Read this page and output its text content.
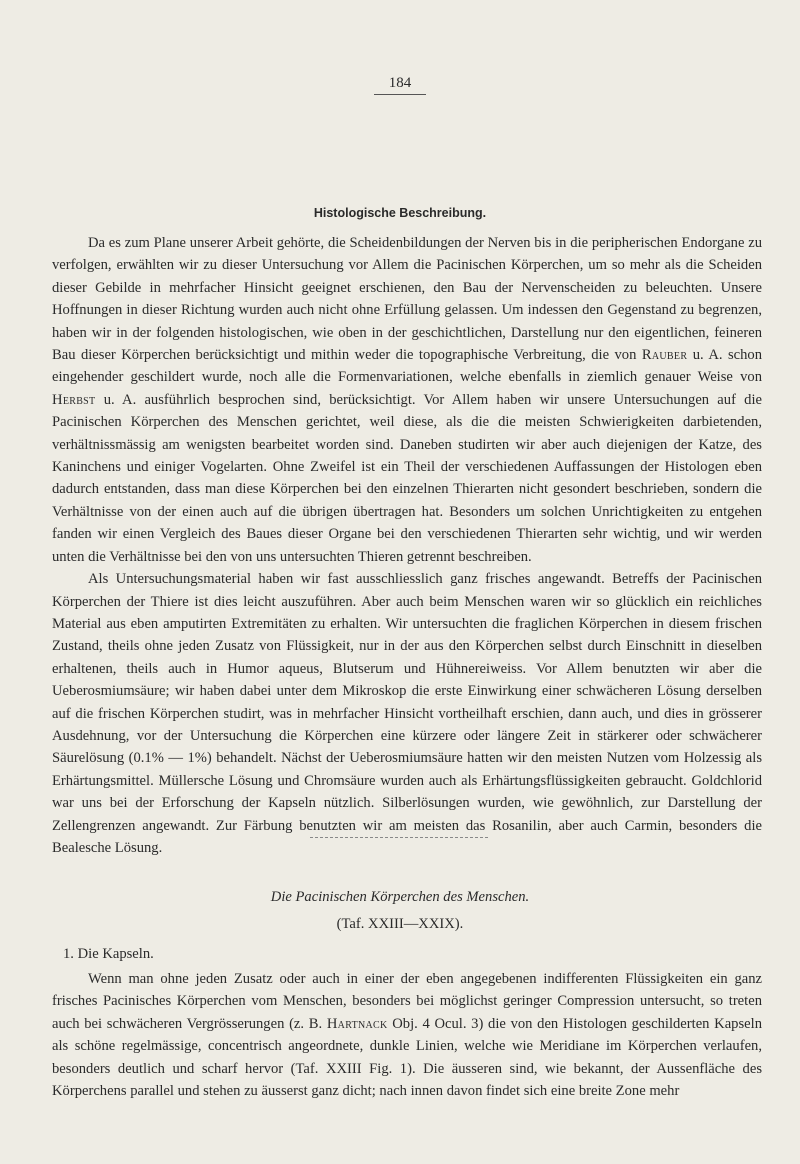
184
Histologische Beschreibung.

Da es zum Plane unserer Arbeit gehörte, die Scheidenbildungen der Nerven bis in die peripherischen Endorgane zu verfolgen, erwählten wir zu dieser Untersuchung vor Allem die Pacinischen Körperchen, um so mehr als die Scheiden dieser Gebilde in mehrfacher Hinsicht geeignet erschienen, den Bau der Nervenscheiden zu beleuchten. Unsere Hoffnungen in dieser Richtung wurden auch nicht ohne Erfüllung gelassen. Um indessen den Gegenstand zu begrenzen, haben wir in der folgenden histologischen, wie oben in der geschichtlichen, Darstellung nur den eigentlichen, feineren Bau dieser Körperchen berücksichtigt und mithin weder die topographische Verbreitung, die von Rauber u. A. schon eingehender geschildert wurde, noch alle die Formenvariationen, welche ebenfalls in ziemlich genauer Weise von Herbst u. A. ausführlich besprochen sind, berücksichtigt. Vor Allem haben wir unsere Untersuchungen auf die Pacinischen Körperchen des Menschen gerichtet, weil diese, als die die meisten Schwierigkeiten darbietenden, verhältnissmässig am wenigsten bearbeitet worden sind. Daneben studirten wir aber auch diejenigen der Katze, des Kaninchens und einiger Vogelarten. Ohne Zweifel ist ein Theil der verschiedenen Auffassungen der Histologen eben dadurch entstanden, dass man diese Körperchen bei den einzelnen Thierarten nicht gesondert beschrieben, sondern die Verhältnisse von der einen auch auf die übrigen übertragen hat. Besonders um solchen Unrichtigkeiten zu entgehen fanden wir einen Vergleich des Baues dieser Organe bei den verschiedenen Thierarten sehr wichtig, und wir werden unten die Verhältnisse bei den von uns untersuchten Thieren getrennt beschreiben.

Als Untersuchungsmaterial haben wir fast ausschliesslich ganz frisches angewandt. Betreffs der Pacinischen Körperchen der Thiere ist dies leicht auszuführen. Aber auch beim Menschen waren wir so glücklich ein reichliches Material aus eben amputirten Extremitäten zu erhalten. Wir untersuchten die fraglichen Körperchen in diesem frischen Zustand, theils ohne jeden Zusatz von Flüssigkeit, nur in der aus den Körperchen selbst durch Einschnitt in dieselben erhaltenen, theils auch in Humor aqueus, Blutserum und Hühnereiweiss. Vor Allem benutzten wir aber die Ueberosmiumsäure; wir haben dabei unter dem Mikroskop die erste Einwirkung einer schwächeren Lösung derselben auf die frischen Körperchen studirt, was in mehrfacher Hinsicht vortheilhaft erschien, dann auch, und dies in grösserer Ausdehnung, vor der Untersuchung die Körperchen eine kürzere oder längere Zeit in stärkerer oder schwächerer Säurelösung (0.1% — 1%) behandelt. Nächst der Ueberosmiumsäure hatten wir den meisten Nutzen vom Holzessig als Erhärtungsmittel. Müllersche Lösung und Chromsäure wurden auch als Erhärtungsflüssigkeiten gebraucht. Goldchlorid war uns bei der Erforschung der Kapseln nützlich. Silberlösungen wurden, wie gewöhnlich, zur Darstellung der Zellengrenzen angewandt. Zur Färbung benutzten wir am meisten das Rosanilin, aber auch Carmin, besonders die Bealesche Lösung.

Die Pacinischen Körperchen des Menschen.
(Taf. XXIII—XXIX).
1. Die Kapseln.

Wenn man ohne jeden Zusatz oder auch in einer der eben angegebenen indifferenten Flüssigkeiten ein ganz frisches Pacinisches Körperchen vom Menschen, besonders bei möglichst geringer Compression untersucht, so treten auch bei schwächeren Vergrösserungen (z. B. Hartnack Obj. 4 Ocul. 3) die von den Histologen geschilderten Kapseln als schöne regelmässige, concentrisch angeordnete, dunkle Linien, welche wie Meridiane im Körperchen verlaufen, besonders deutlich und scharf hervor (Taf. XXIII Fig. 1). Die äusseren sind, wie bekannt, der Aussenfläche des Körperchens parallel und stehen zu äusserst ganz dicht; nach innen davon findet sich eine breite Zone mehr
